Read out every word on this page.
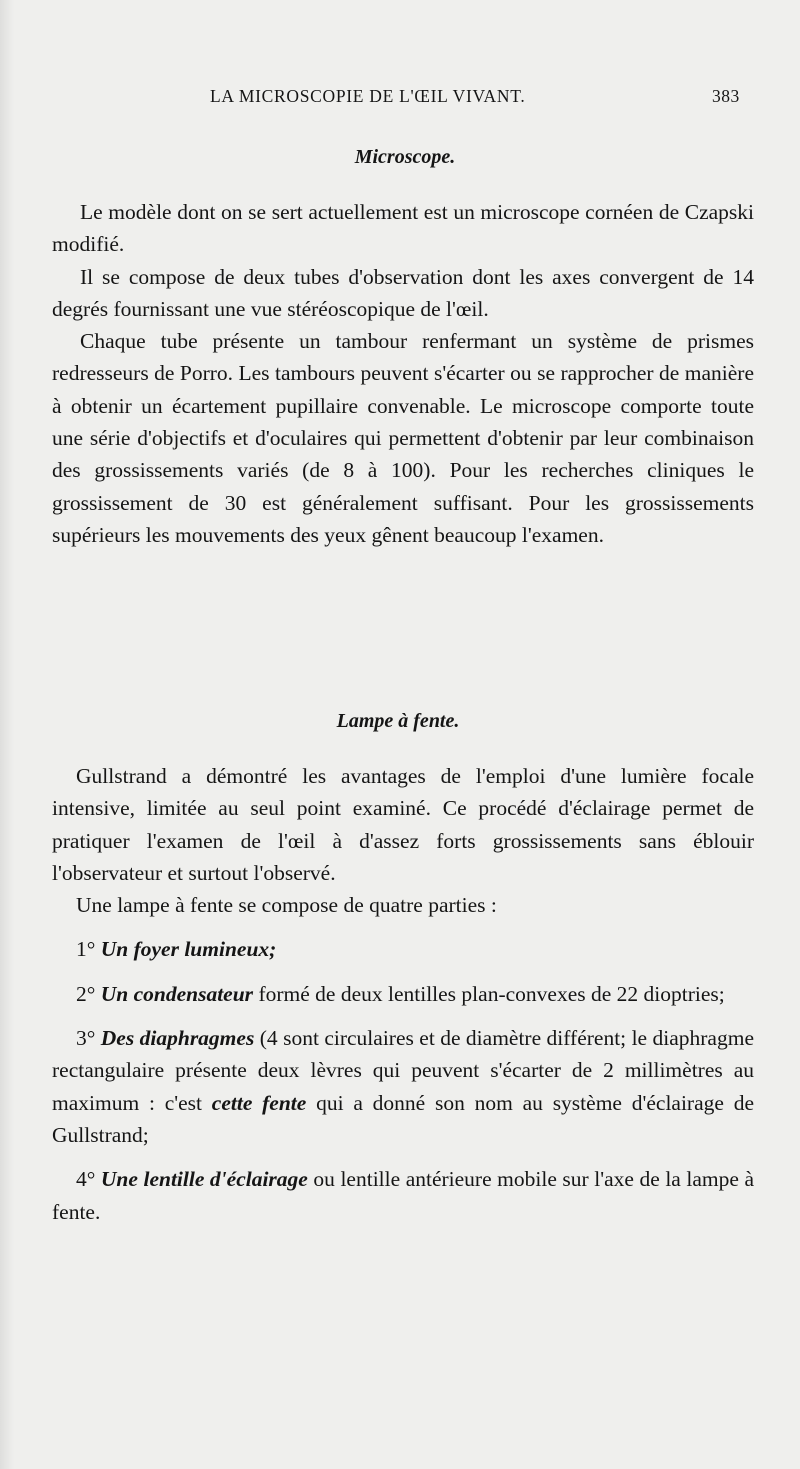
LA MICROSCOPIE DE L'ŒIL VIVANT.	383
Microscope.

Le modèle dont on se sert actuellement est un microscope cornéen de Czapski modifié.

Il se compose de deux tubes d'observation dont les axes convergent de 14 degrés fournissant une vue stéréoscopique de l'œil.

Chaque tube présente un tambour renfermant un système de prismes redresseurs de Porro. Les tambours peuvent s'écarter ou se rapprocher de manière à obtenir un écartement pupillaire convenable. Le microscope comporte toute une série d'objectifs et d'oculaires qui permettent d'obtenir par leur combinaison des grossissements variés (de 8 à 100). Pour les recherches cliniques le grossissement de 30 est généralement suffisant. Pour les grossissements supérieurs les mouvements des yeux gênent beaucoup l'examen.

Lampe à fente.

Gullstrand a démontré les avantages de l'emploi d'une lumière focale intensive, limitée au seul point examiné. Ce procédé d'éclairage permet de pratiquer l'examen de l'œil à d'assez forts grossissements sans éblouir l'observateur et surtout l'observé.

Une lampe à fente se compose de quatre parties :

1° Un foyer lumineux;

2° Un condensateur formé de deux lentilles plan-convexes de 22 dioptries;

3° Des diaphragmes (4 sont circulaires et de diamètre différent; le diaphragme rectangulaire présente deux lèvres qui peuvent s'écarter de 2 millimètres au maximum : c'est cette fente qui a donné son nom au système d'éclairage de Gullstrand;

4° Une lentille d'éclairage ou lentille antérieure mobile sur l'axe de la lampe à fente.
